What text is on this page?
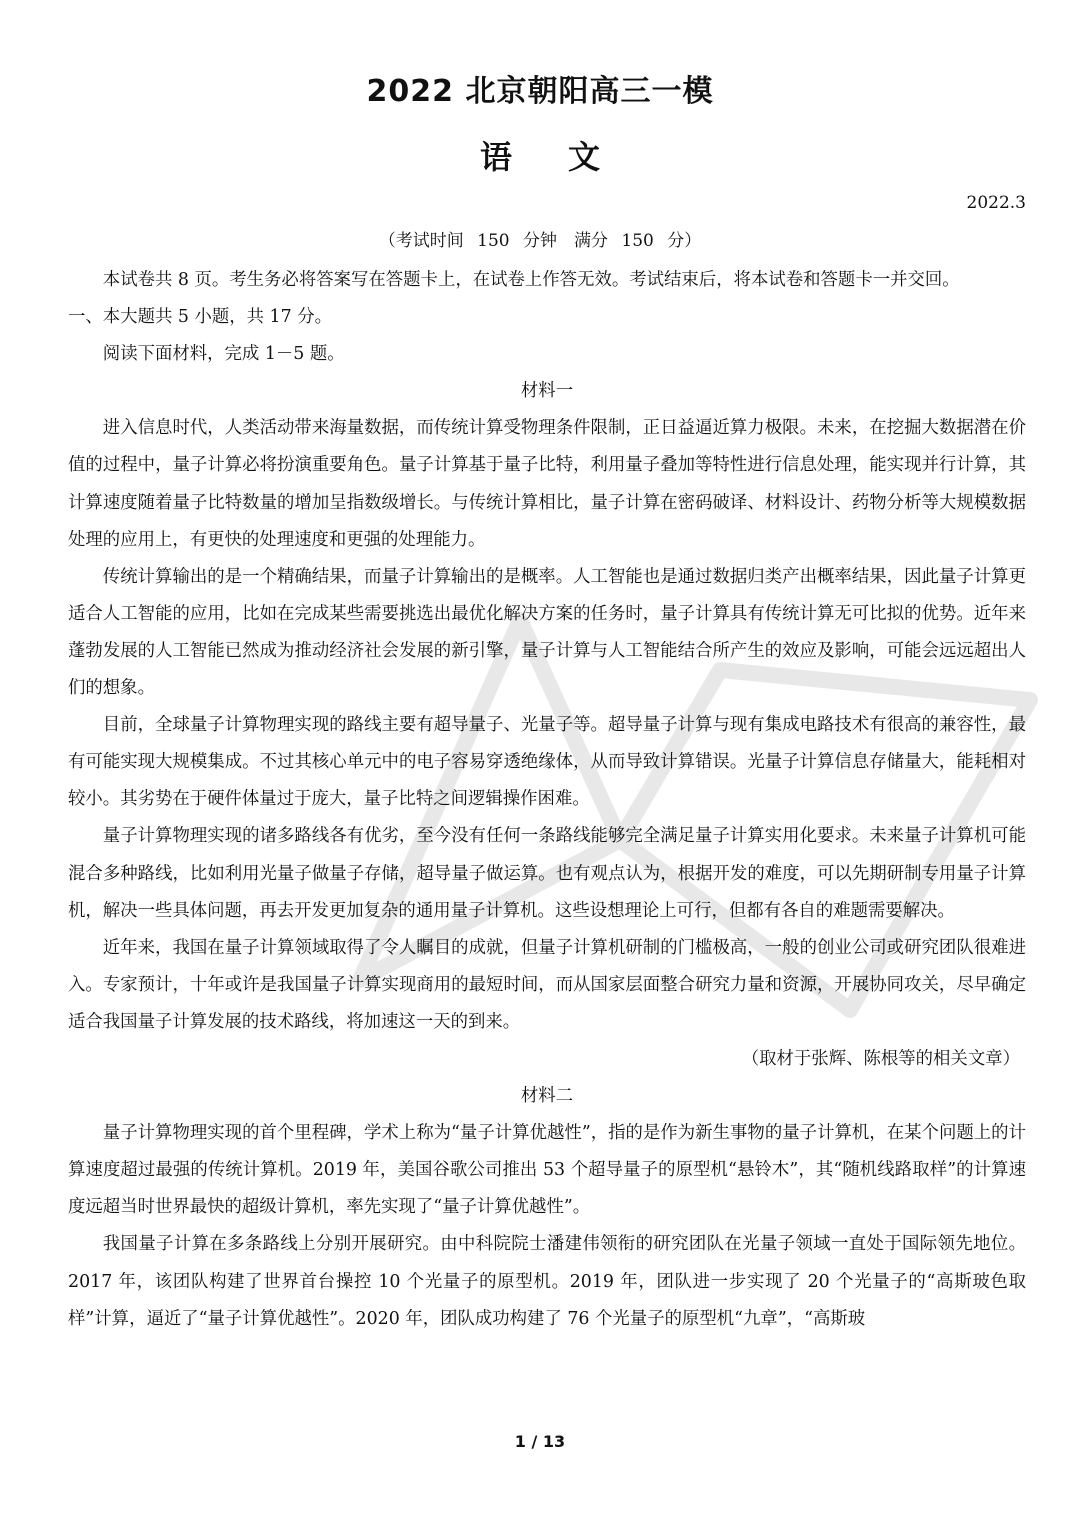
2022 北京朝阳高三一模
语文
2022.3
（考试时间 150 分钟　满分 150 分）

本试卷共 8 页。考生务必将答案写在答题卡上，在试卷上作答无效。考试结束后，将本试卷和答题卡一并交回。

一、本大题共 5 小题，共 17 分。

阅读下面材料，完成 1－5 题。

材料一

进入信息时代，人类活动带来海量数据，而传统计算受物理条件限制，正日益逼近算力极限。未来，在挖掘大数据潜在价值的过程中，量子计算必将扮演重要角色。量子计算基于量子比特，利用量子叠加等特性进行信息处理，能实现并行计算，其计算速度随着量子比特数量的增加呈指数级增长。与传统计算相比，量子计算在密码破译、材料设计、药物分析等大规模数据处理的应用上，有更快的处理速度和更强的处理能力。

传统计算输出的是一个精确结果，而量子计算输出的是概率。人工智能也是通过数据归类产出概率结果，因此量子计算更适合人工智能的应用，比如在完成某些需要挑选出最优化解决方案的任务时，量子计算具有传统计算无可比拟的优势。近年来蓬勃发展的人工智能已然成为推动经济社会发展的新引擎，量子计算与人工智能结合所产生的效应及影响，可能会远远超出人们的想象。

目前，全球量子计算物理实现的路线主要有超导量子、光量子等。超导量子计算与现有集成电路技术有很高的兼容性，最有可能实现大规模集成。不过其核心单元中的电子容易穿透绝缘体，从而导致计算错误。光量子计算信息存储量大，能耗相对较小。其劣势在于硬件体量过于庞大，量子比特之间逻辑操作困难。

量子计算物理实现的诸多路线各有优劣，至今没有任何一条路线能够完全满足量子计算实用化要求。未来量子计算机可能混合多种路线，比如利用光量子做量子存储，超导量子做运算。也有观点认为，根据开发的难度，可以先期研制专用量子计算机，解决一些具体问题，再去开发更加复杂的通用量子计算机。这些设想理论上可行，但都有各自的难题需要解决。

近年来，我国在量子计算领域取得了令人瞩目的成就，但量子计算机研制的门槛极高，一般的创业公司或研究团队很难进入。专家预计，十年或许是我国量子计算实现商用的最短时间，而从国家层面整合研究力量和资源，开展协同攻关，尽早确定适合我国量子计算发展的技术路线，将加速这一天的到来。

（取材于张辉、陈根等的相关文章）

材料二

量子计算物理实现的首个里程碑，学术上称为“量子计算优越性”，指的是作为新生事物的量子计算机，在某个问题上的计算速度超过最强的传统计算机。2019 年，美国谷歌公司推出 53 个超导量子的原型机“悬铃木”，其“随机线路取样”的计算速度远超当时世界最快的超级计算机，率先实现了“量子计算优越性”。

我国量子计算在多条路线上分别开展研究。由中科院院士潘建伟领衔的研究团队在光量子领域一直处于国际领先地位。2017 年，该团队构建了世界首台操控 10 个光量子的原型机。2019 年，团队进一步实现了 20 个光量子的“高斯玻色取样”计算，逼近了“量子计算优越性”。2020 年，团队成功构建了 76 个光量子的原型机“九章”，“高斯玻

1 / 13
